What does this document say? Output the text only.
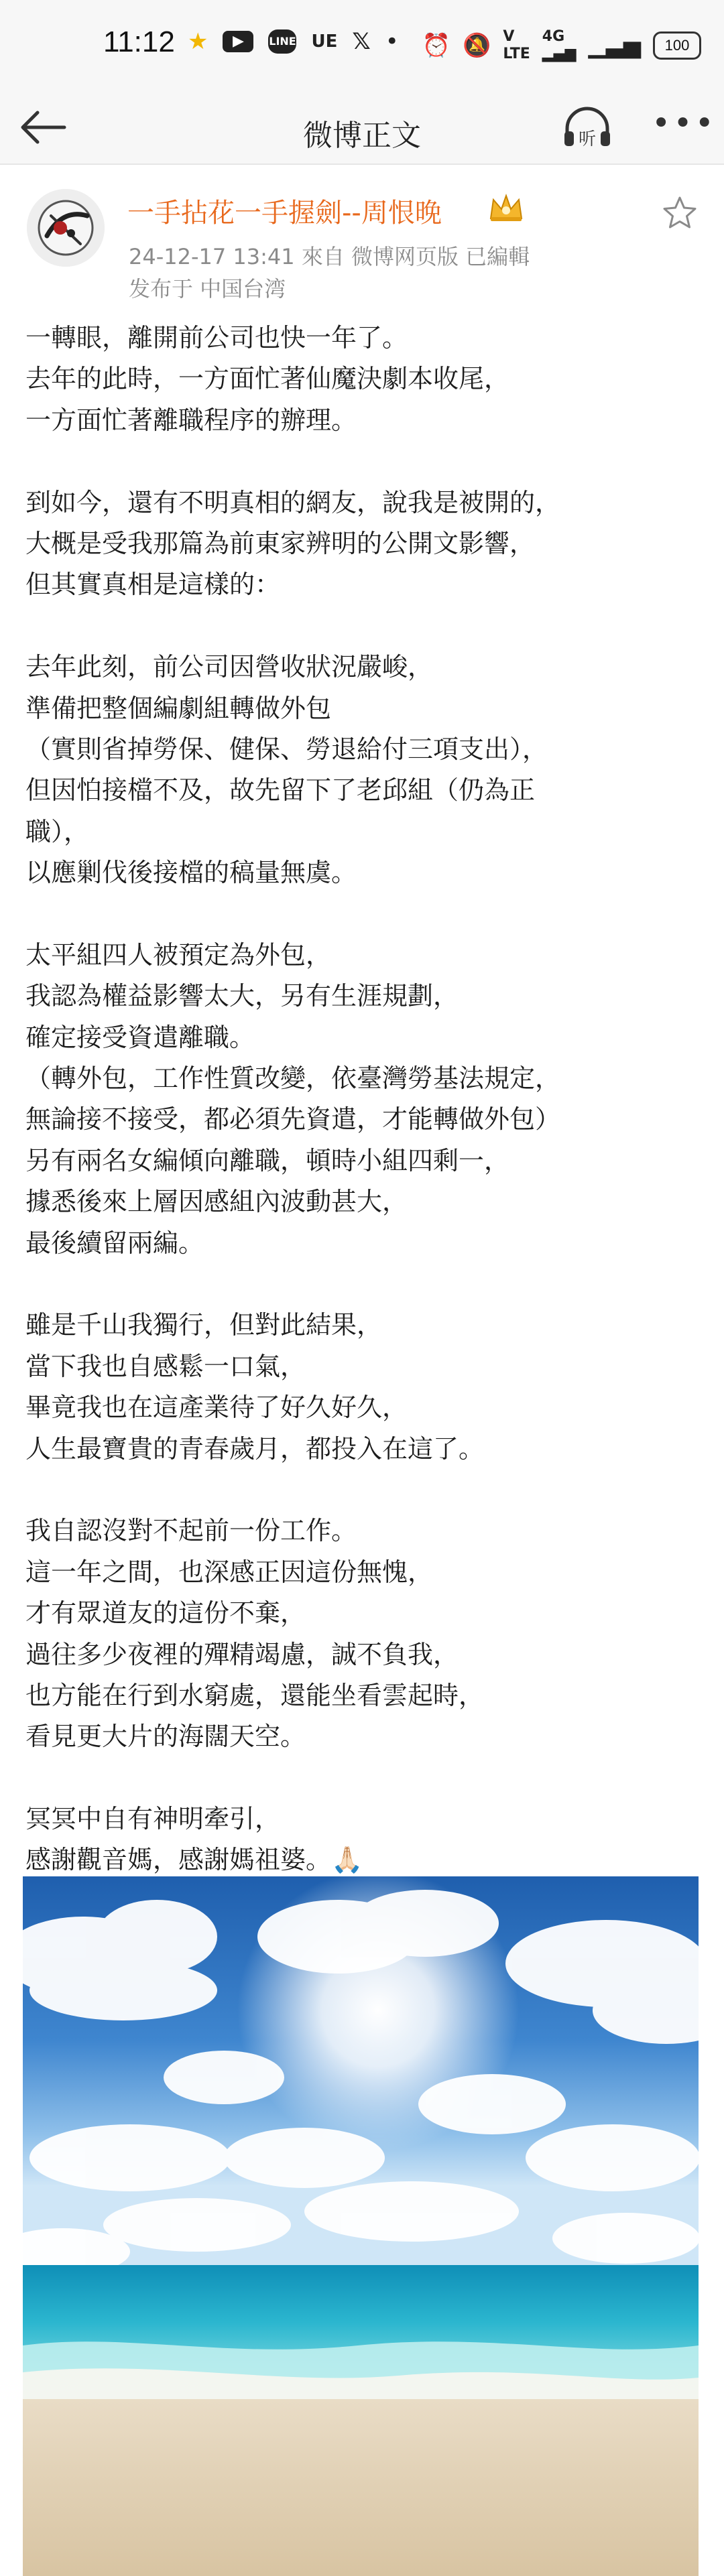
11:12 ★	▶	LINE UE 𝕏 • ⏰ 🔕 V
LTE
4G
▂▄▆ ▁▃▅	100
微博正文	听 •••
一手拈花一手握劍--周恨晚
24-12-17 13:41 來自 微博网页版 已編輯
发布于 中国台湾
一轉眼，離開前公司也快一年了。
去年的此時，一方面忙著仙魔決劇本收尾，
一方面忙著離職程序的辦理。
到如今，還有不明真相的網友，說我是被開的，
大概是受我那篇為前東家辨明的公開文影響，
但其實真相是這樣的：
去年此刻，前公司因營收狀況嚴峻，
準備把整個編劇組轉做外包
（實則省掉勞保、健保、勞退給付三項支出），
但因怕接檔不及，故先留下了老邱組（仍為正
職），
以應剿伐後接檔的稿量無虞。
太平組四人被預定為外包，
我認為權益影響太大，另有生涯規劃，
確定接受資遣離職。
（轉外包，工作性質改變，依臺灣勞基法規定，
無論接不接受，都必須先資遣，才能轉做外包）
另有兩名女編傾向離職，頓時小組四剩一，
據悉後來上層因感組內波動甚大，
最後續留兩編。
雖是千山我獨行，但對此結果，
當下我也自感鬆一口氣，
畢竟我也在這產業待了好久好久，
人生最寶貴的青春歲月，都投入在這了。
我自認沒對不起前一份工作。
這一年之間，也深感正因這份無愧，
才有眾道友的這份不棄，
過往多少夜裡的殫精竭慮，誠不負我，
也方能在行到水窮處，還能坐看雲起時，
看見更大片的海闊天空。
冥冥中自有神明牽引，
感謝觀音媽，感謝媽祖婆。🙏🏻
